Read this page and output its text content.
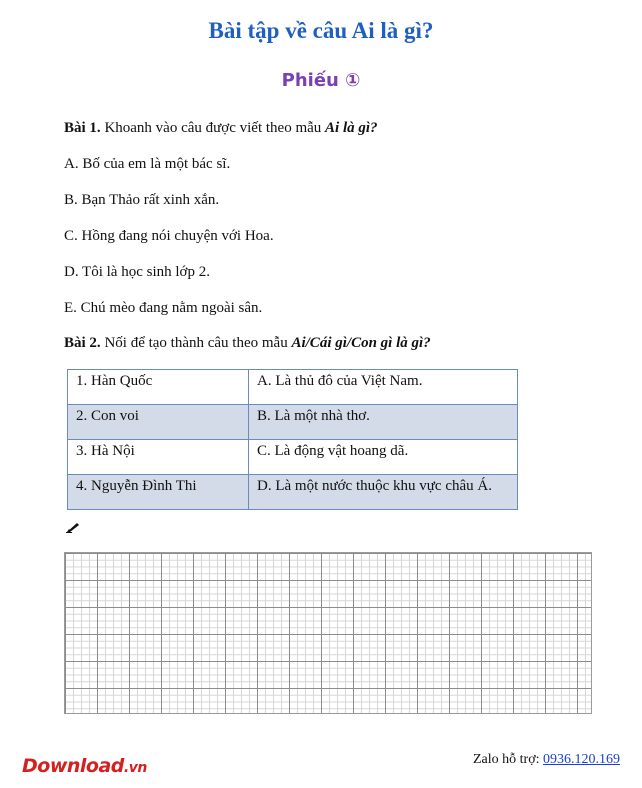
Bài tập về câu Ai là gì?
Phiếu ①
Bài 1. Khoanh vào câu được viết theo mẫu Ai là gì?
A. Bố của em là một bác sĩ.
B. Bạn Thảo rất xinh xắn.
C. Hồng đang nói chuyện với Hoa.
D. Tôi là học sinh lớp 2.
E. Chú mèo đang nằm ngoài sân.
Bài 2. Nối để tạo thành câu theo mẫu Ai/Cái gì/Con gì là gì?
1. Hàn Quốc	A. Là thủ đô của Việt Nam.
2. Con voi	B. Là một nhà thơ.
3. Hà Nội	C. Là động vật hoang dã.
4. Nguyễn Đình Thi	D. Là một nước thuộc khu vực châu Á.
Download.vn
Zalo hỗ trợ: 0936.120.169
